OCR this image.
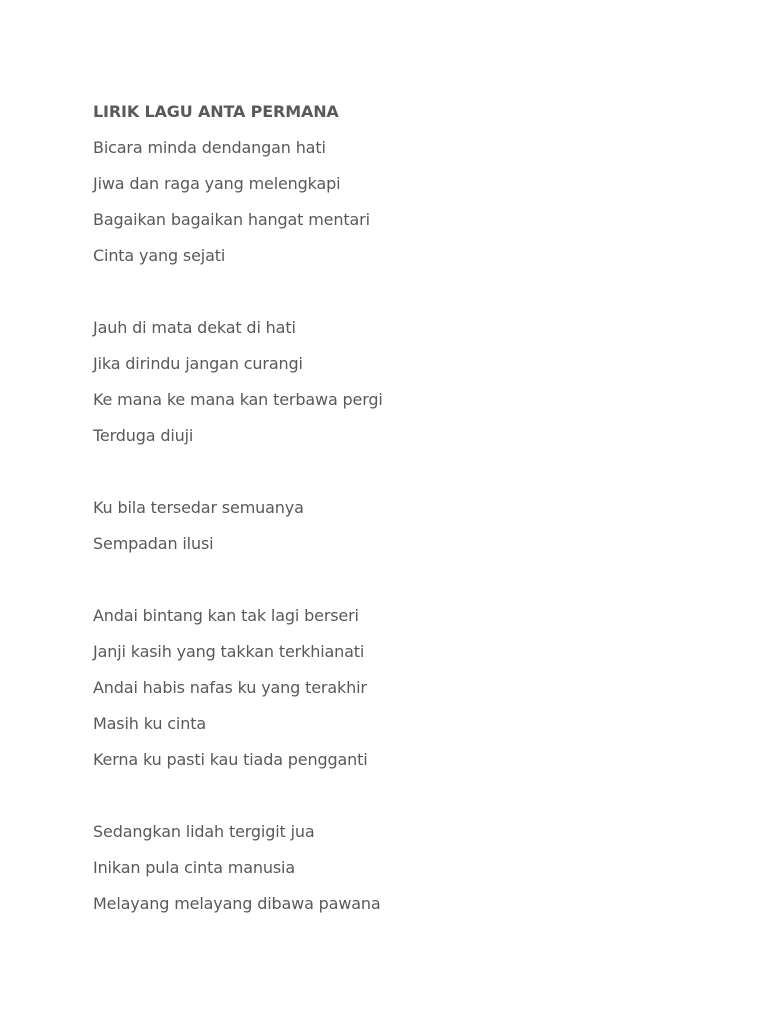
LIRIK LAGU ANTA PERMANA
Bicara minda dendangan hati
Jiwa dan raga yang melengkapi
Bagaikan bagaikan hangat mentari
Cinta yang sejati
Jauh di mata dekat di hati
Jika dirindu jangan curangi
Ke mana ke mana kan terbawa pergi
Terduga diuji
Ku bila tersedar semuanya
Sempadan ilusi
Andai bintang kan tak lagi berseri
Janji kasih yang takkan terkhianati
Andai habis nafas ku yang terakhir
Masih ku cinta
Kerna ku pasti kau tiada pengganti
Sedangkan lidah tergigit jua
Inikan pula cinta manusia
Melayang melayang dibawa pawana
